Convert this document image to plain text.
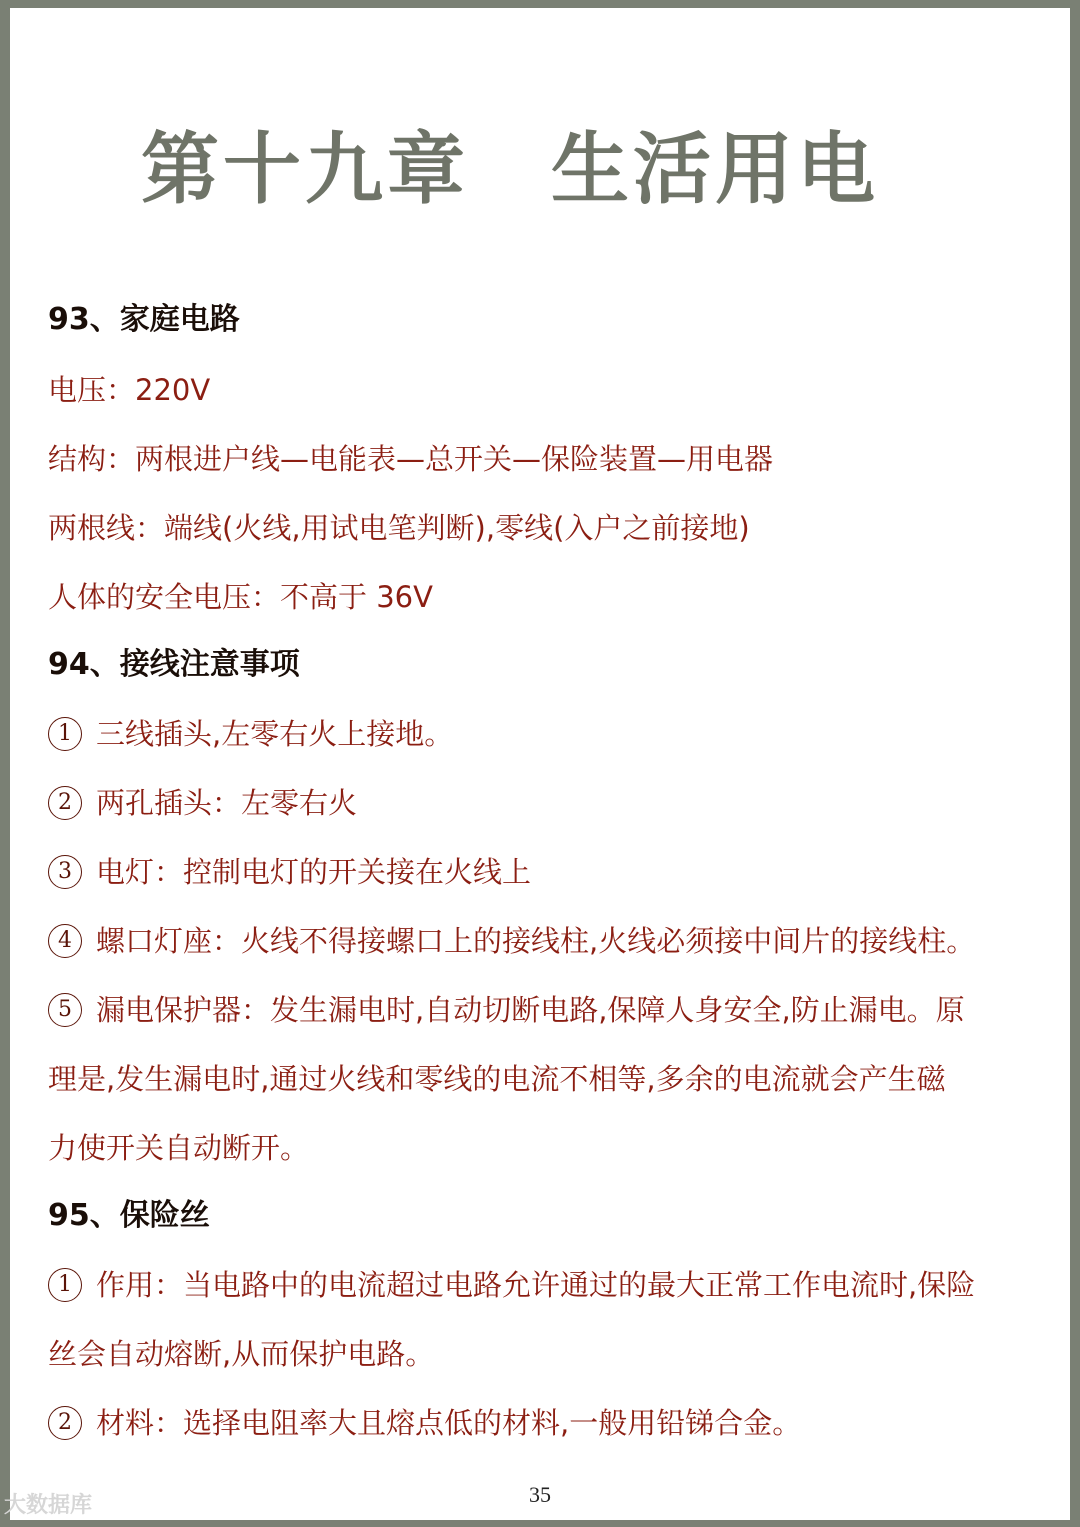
第十九章　生活用电
93、家庭电路
电压：220V
结构：两根进户线—电能表—总开关—保险装置—用电器
两根线：端线(火线,用试电笔判断),零线(入户之前接地)
人体的安全电压：不高于 36V
94、接线注意事项
1 三线插头,左零右火上接地。
2 两孔插头：左零右火
3 电灯：控制电灯的开关接在火线上
4 螺口灯座：火线不得接螺口上的接线柱,火线必须接中间片的接线柱。
5 漏电保护器：发生漏电时,自动切断电路,保障人身安全,防止漏电。原
理是,发生漏电时,通过火线和零线的电流不相等,多余的电流就会产生磁
力使开关自动断开。
95、保险丝
1 作用：当电路中的电流超过电路允许通过的最大正常工作电流时,保险
丝会自动熔断,从而保护电路。
2 材料：选择电阻率大且熔点低的材料,一般用铅锑合金。
35
大数据库
